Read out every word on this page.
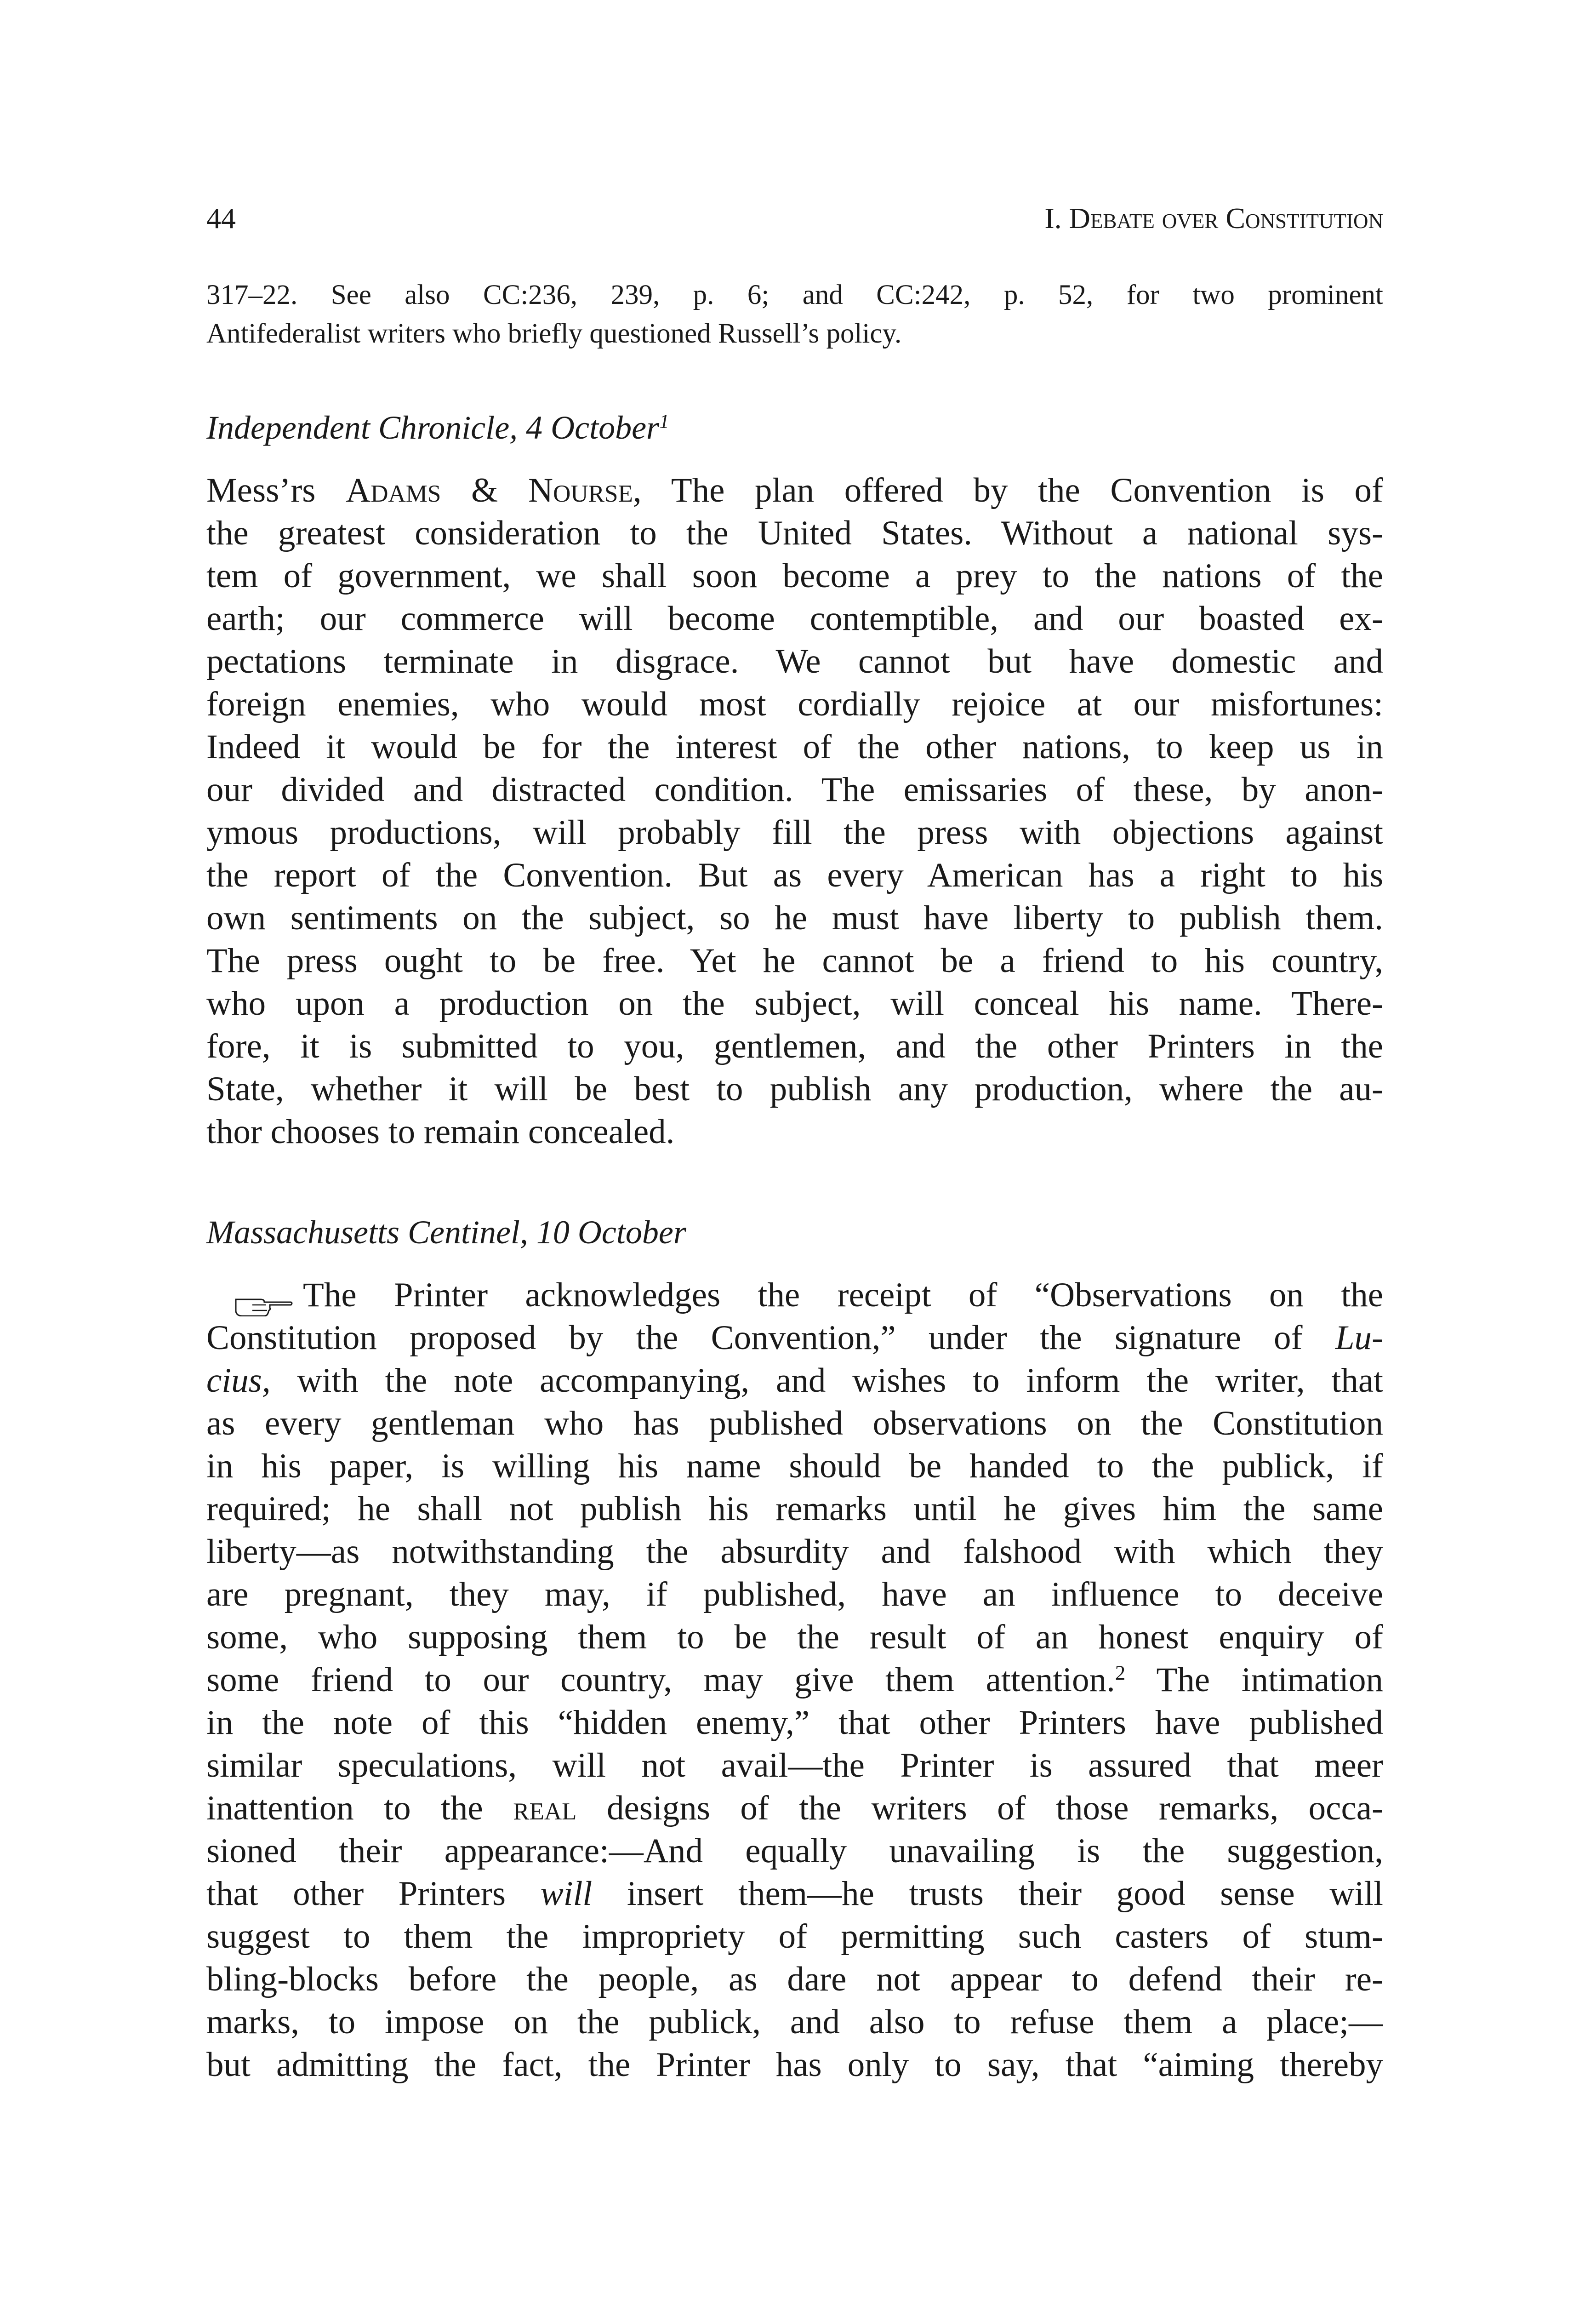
44	I. Debate over Constitution
317–22. See also CC:236, 239, p. 6; and CC:242, p. 52, for two prominent
Antifederalist writers who briefly questioned Russell’s policy.
Independent Chronicle, 4 October$^1$
Mess’rs Adams & Nourse, The plan offered by the Convention is of
the greatest consideration to the United States. Without a national sys-
tem of government, we shall soon become a prey to the nations of the
earth; our commerce will become contemptible, and our boasted ex-
pectations terminate in disgrace. We cannot but have domestic and
foreign enemies, who would most cordially rejoice at our misfortunes:
Indeed it would be for the interest of the other nations, to keep us in
our divided and distracted condition. The emissaries of these, by anon-
ymous productions, will probably fill the press with objections against
the report of the Convention. But as every American has a right to his
own sentiments on the subject, so he must have liberty to publish them.
The press ought to be free. Yet he cannot be a friend to his country,
who upon a production on the subject, will conceal his name. There-
fore, it is submitted to you, gentlemen, and the other Printers in the
State, whether it will be best to publish any production, where the au-
thor chooses to remain concealed.
Massachusetts Centinel, 10 October
The Printer acknowledges the receipt of “Observations on the
Constitution proposed by the Convention,” under the signature of Lu-
cius, with the note accompanying, and wishes to inform the writer, that
as every gentleman who has published observations on the Constitution
in his paper, is willing his name should be handed to the publick, if
required; he shall not publish his remarks until he gives him the same
liberty—as notwithstanding the absurdity and falshood with which they
are pregnant, they may, if published, have an influence to deceive
some, who supposing them to be the result of an honest enquiry of
some friend to our country, may give them attention.$^2$ The intimation
in the note of this “hidden enemy,” that other Printers have published
similar speculations, will not avail—the Printer is assured that meer
inattention to the real designs of the writers of those remarks, occa-
sioned their appearance:—And equally unavailing is the suggestion,
that other Printers will insert them—he trusts their good sense will
suggest to them the impropriety of permitting such casters of stum-
bling-blocks before the people, as dare not appear to defend their re-
marks, to impose on the publick, and also to refuse them a place;—
but admitting the fact, the Printer has only to say, that “aiming thereby
